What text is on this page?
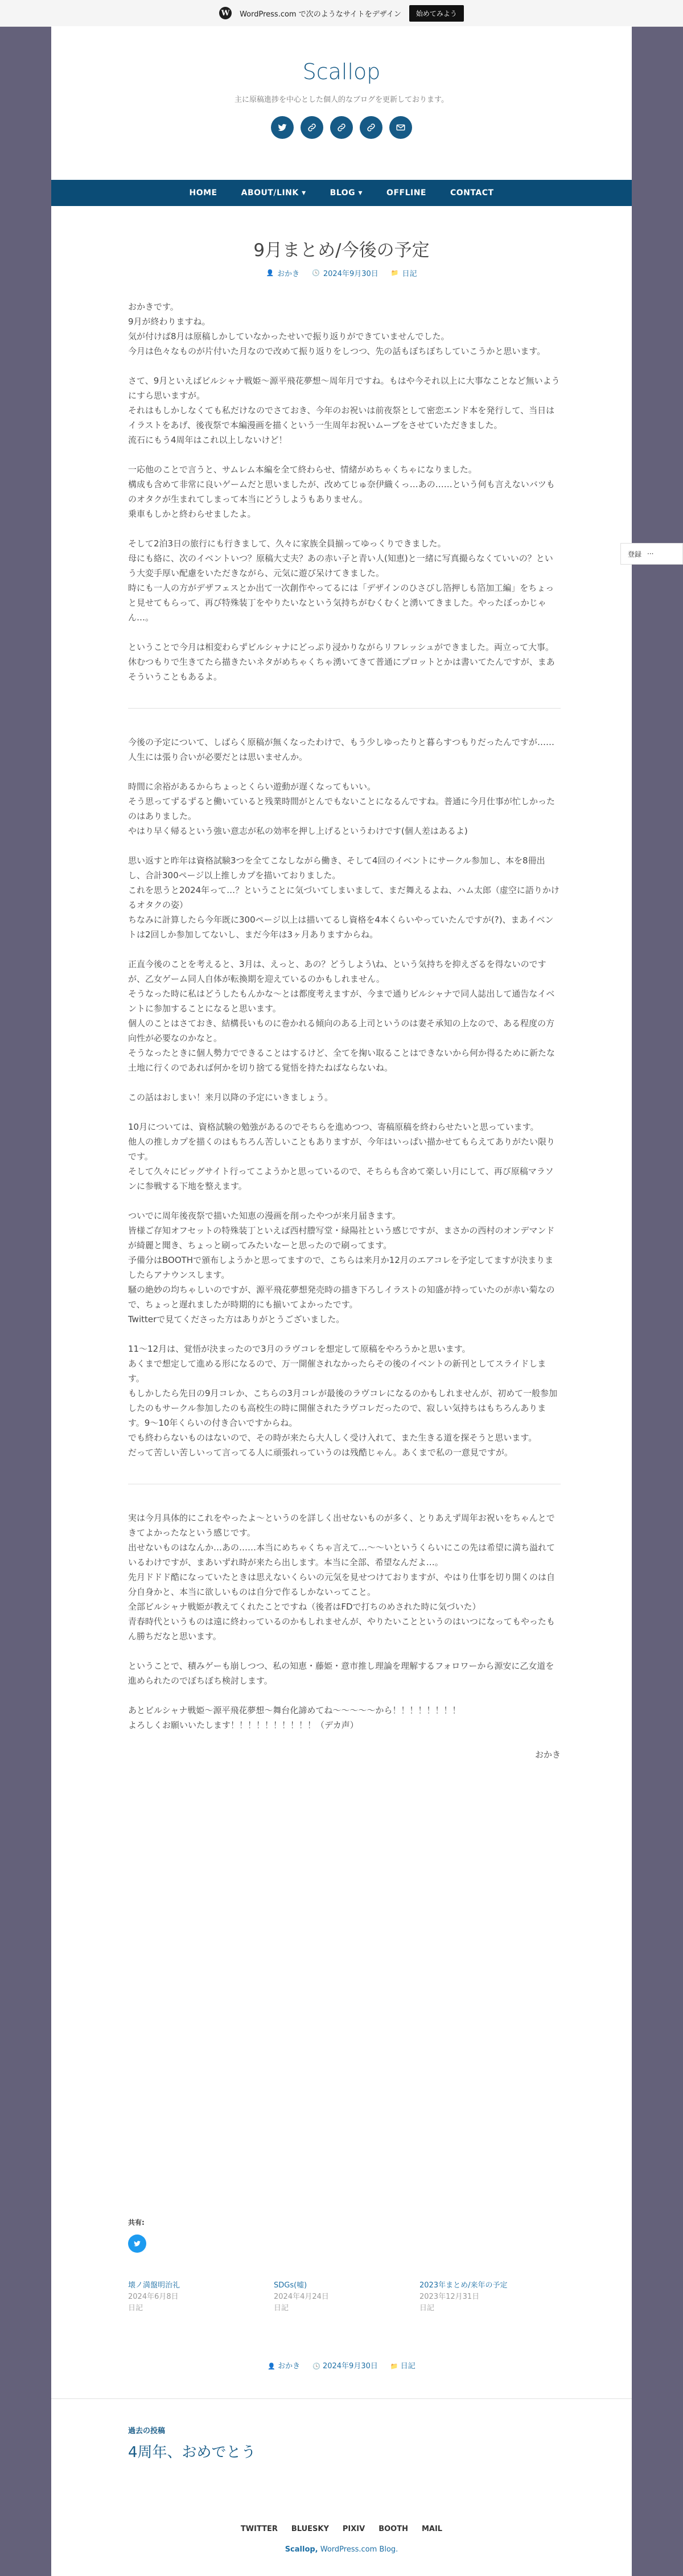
W WordPress.com で次のようなサイトをデザイン	始めてみよう
Scallop
主に原稿進捗を中心とした個人的なブログを更新しております。
HOME	ABOUT/LINK ▾	BLOG ▾	OFFLINE	CONTACT
9月まとめ/今後の予定
👤 おかき 🕓 2024年9月30日 📁 日記
おかきです。
9月が終わりますね。
気が付けば8月は原稿しかしていなかったせいで振り返りができていませんでした。
今月は色々なものが片付いた月なので改めて振り返りをしつつ、先の話もぼちぼちしていこうかと思います。
さて、9月といえばビルシャナ戦姫〜源平飛花夢想〜周年月ですね。もはや今それ以上に大事なことなど無いようにすら思いますが。
それはもしかしなくても私だけなのでさておき、今年のお祝いは前夜祭として密恋エンド本を発行して、当日はイラストをあげ、後夜祭で本編漫画を描くという一生周年お祝いムーブをさせていただきました。
流石にもう4周年はこれ以上しないけど！
一応他のことで言うと、サムレム本編を全て終わらせ、情緒がめちゃくちゃになりました。
構成も含めて非常に良いゲームだと思いましたが、改めてじゅ奈伊織くっ…あの……という何も言えないバツものオタクが生まれてしまって本当にどうしようもありません。
乗車もしかと終わらせましたよ。
そして2泊3日の旅行にも行きまして、久々に家族全員揃ってゆっくりできました。
母にも絡に、次のイベントいつ？原稿大丈夫？あの赤い子と青い人(知恵)と一緒に写真撮らなくていいの？という大変手厚い配慮をいただきながら、元気に遊び呆けてきました。
時にも一人の方がデザフェスとか出て一次創作やってるには「デザインのひさびし箔押しも箔加工編」をちょっと見せてもらって、再び特殊装丁をやりたいなという気持ちがむくむくと湧いてきました。やったぼっかじゃん…。
ということで今月は相変わらずビルシャナにどっぷり浸かりながらリフレッシュができました。両立って大事。
休むつもりで生きてたら描きたいネタがめちゃくちゃ湧いてきて普通にプロットとかは書いてたんですが、まあそういうこともあるよ。
今後の予定について、しばらく原稿が無くなったわけで、もう少しゆったりと暮らすつもりだったんですが……人生には張り合いが必要だとは思いませんか。
時間に余裕があるからちょっとくらい遊動が遅くなってもいい。
そう思ってずるずると働いていると残業時間がとんでもないことになるんですね。普通に今月仕事が忙しかったのはありました。
やはり早く帰るという強い意志が私の効率を押し上げるというわけです(個人差はあるよ)
思い返すと昨年は資格試験3つを全てこなしながら働き、そして4回のイベントにサークル参加し、本を8冊出し、合計300ページ以上推しカプを描いておりました。
これを思うと2024年って…？ということに気づいてしまいまして、まだ舞えるよね、ハム太郎（虚空に語りかけるオタクの姿）
ちなみに計算したら今年既に300ページ以上は描いてるし資格を4本くらいやっていたんですが(?)、まあイベントは2回しか参加してないし、まだ今年は3ヶ月ありますからね。
正直今後のことを考えると、3月は、えっと、あの？どうしよう\ね、という気持ちを抑えざるを得ないのですが、乙女ゲーム同人自体が転換期を迎えているのかもしれません。
そうなった時に私はどうしたもんかな〜とは都度考えますが、今まで通りビルシャナで同人誌出して通告なイベントに参加することになると思います。
個人のことはさておき、結構長いものに巻かれる傾向のある上司というのは妻そ承知の上なので、ある程度の方向性が必要なのかなと。
そうなったときに個人勢力でできることはするけど、全てを掬い取ることはできないから何か得るために新たな土地に行くのであれば何かを切り捨てる覚悟を持たねばならないね。
この話はおしまい！来月以降の予定にいきましょう。
10月については、資格試験の勉強があるのでそちらを進めつつ、寄稿原稿を終わらせたいと思っています。
他人の推しカプを描くのはもちろん苦しいこともありますが、今年はいっぱい描かせてもらえてありがたい限りです。
そして久々にピッグサイト行ってこようかと思っているので、そちらも含めて楽しい月にして、再び原稿マラソンに参戦する下地を整えます。
ついでに周年後夜祭で描いた知恵の漫画を削ったやつが来月届きます。
皆様ご存知オフセットの特殊装丁といえば西村謄写堂・緑陽社という感じですが、まさかの西村のオンデマンドが綺麗と聞き、ちょっと刷ってみたいなーと思ったので刷ってます。
予備分はBOOTHで頒布しようかと思ってますので、こちらは来月か12月のエアコレを予定してますが決まりましたらアナウンスします。
騒の絶妙の均ちゃしいのですが、源平飛花夢想発売時の描き下ろしイラストの知盛が持っていたのが赤い菊なので、ちょっと遅れましたが時期的にも揃いてよかったです。
Twitterで見てくださった方はありがとうございました。
11〜12月は、覚悟が決まったので3月のラヴコレを想定して原稿をやろうかと思います。
あくまで想定して進める形になるので、万一開催されなかったらその後のイベントの新刊としてスライドします。
もしかしたら先日の9月コレか、こちらの3月コレが最後のラヴコレになるのかもしれませんが、初めて一般参加したのもサークル参加したのも高校生の時に開催されたラヴコレだったので、寂しい気持ちはもちろんあります。9〜10年くらいの付き合いですからね。
でも終わらないものはないので、その時が来たら大人しく受け入れて、また生きる道を探そうと思います。
だって苦しい苦しいって言ってる人に頑張れっていうのは残酷じゃん。あくまで私の一意見ですが。
実は今月具体的にこれをやったよ〜というのを詳しく出せないものが多く、とりあえず周年お祝いをちゃんとできてよかったなという感じです。
出せないものはなんか…あの……本当にめちゃくちゃ言えて…〜〜いというくらいにこの先は希望に満ち溢れているわけですが、まあいずれ時が来たら出します。本当に全部、希望なんだよ…。
先月ドドド酷になっていたときは思えないくらいの元気を見せつけておりますが、やはり仕事を切り開くのは自分自身かと、本当に欲しいものは自分で作るしかないってこと。
全部ビルシャナ戦姫が教えてくれたことですね（後者はFDで打ちのめされた時に気づいた）
青春時代というものは遠に終わっているのかもしれませんが、やりたいことというのはいつになってもやったもん勝ちだなと思います。
ということで、積みゲーも崩しつつ、私の知恵・藤姫・意市推し理論を理解するフォロワーから源安に乙女道を進められたのでぼちぼち検討します。
あとビルシャナ戦姫〜源平飛花夢想〜舞台化諦めてね〜〜〜〜〜から！！！！！！！！
よろしくお願いいたします！！！！！！！！！！（デカ声）
おかき
共有:
壊ノ満盤明治礼
2024年6月8日
日記
SDGs(嘘)
2024年4月24日
日記
2023年まとめ/来年の予定
2023年12月31日
日記
👤 おかき 🕓 2024年9月30日 📁 日記
過去の投稿
4周年、おめでとう
TWITTER BLUESKY PIXIV BOOTH MAIL
Scallop, WordPress.com Blog.
登録 ···
